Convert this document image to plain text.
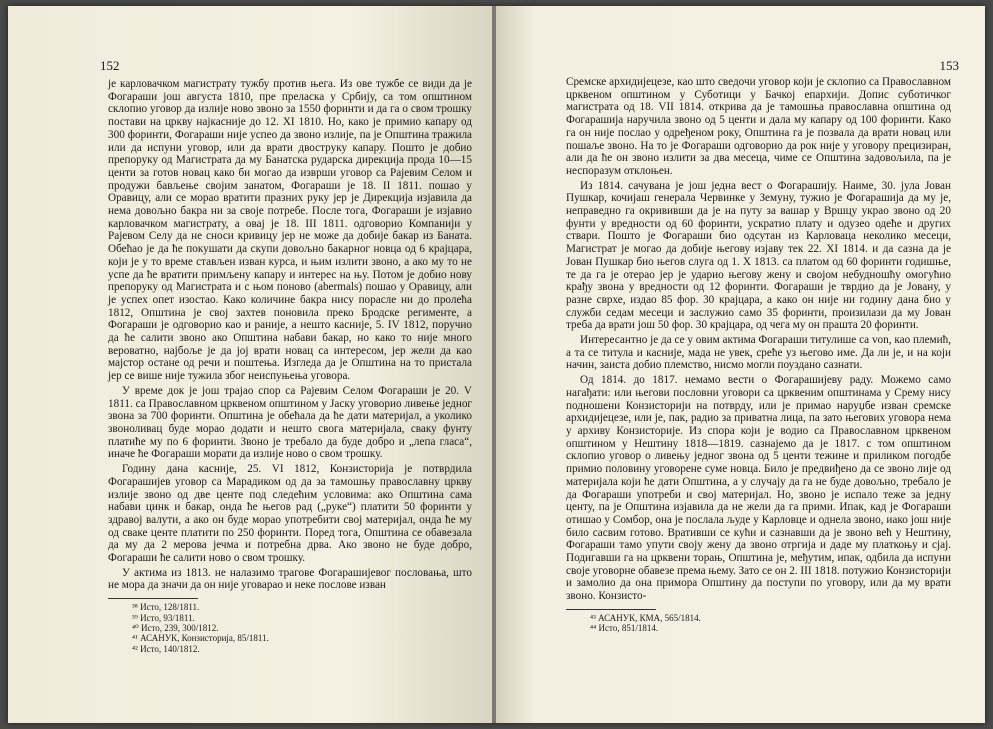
152

је карловачком магистрату тужбу против њега. Из ове тужбе се види да је Фогараши још августа 1810, пре преласка у Србију, са том општином склопио уговор да излије ново звоно за 1550 форинти и да га о свом трошку постави на цркву најкасније до 12. XI 1810. Но, како је примио капару од 300 форинти, Фогараши није успео да звоно излије, па је Општина тражила или да испуни уговор, или да врати двоструку капару. Пошто је добио препоруку од Магистрата да му Банатска рударска дирекција прода 10—15 центи за готов новац како би могао да изврши уговор са Рајевим Селом и продужи бављење својим занатом, Фогараши је 18. II 1811. пошао у Оравицу, али се морао вратити празних руку јер је Дирекција изјавила да нема довољно бакра ни за своје потребе. После тога, Фогараши је изјавио карловачком магистрату, а овај је 18. III 1811. одговорио Компанији у Рајевом Селу да не сноси кривицу јер не може да добије бакар из Баната. Обећао је да ће покушати да скупи довољно бакарног новца од 6 крајцара, који је у то време стављен изван курса, и њим излити звоно, а ако му то не успе да ће вратити примљену капару и интерес на њу. Потом је добио нову препоруку од Магистрата и с њом поново (abermals) пошао у Оравицу, али је успех опет изостао. Како количине бакра нису порасле ни до пролећа 1812, Општина је свој захтев поновила преко Бродске регименте, а Фогараши је одговорио као и раније, а нешто касније, 5. IV 1812, поручио да ће салити звоно ако Општина набави бакар, но како то није много вероватно, најбоље је да јој врати новац са интересом, јер жели да као мајстор остане од речи и поштења. Изгледа да је Општина на то пристала јер се више није тужила због неиспуњења уговора.

У време док је још трајао спор са Рајевим Селом Фогараши је 20. V 1811. са Православном црквеном општином у Јаску уговорио ливење једног звона за 700 форинти. Општина је обећала да ће дати материјал, а уколико звоноливац буде морао додати и нешто свога материјала, сваку фунту платиће му по 6 форинти. Звоно је требало да буде добро и „лепа гласа“, иначе ће Фогараши морати да излије ново о свом трошку.

Годину дана касније, 25. VI 1812, Конзисторија је потврдила Фогарашијев уговор са Марадиком од да за тамошњу православну цркву излије звоно од две центе под следећим условима: ако Општина сама набави цинк и бакар, онда ће његов рад („руке“) платити 50 форинти у здравој валути, а ако он буде морао употребити свој материјал, онда ће му од сваке центе платити по 250 форинти. Поред тога, Општина се обавезала да му да 2 мерова јечма и потребна дрва. Ако звоно не буде добро, Фогараши ће салити ново о свом трошку.

У актима из 1813. не налазимо трагове Фогарашијевог пословања, што не мора да значи да он није уговарао и неке послове изван

³⁸ Исто, 128/1811.
³⁹ Исто, 93/1811.
⁴⁰ Исто, 239, 300/1812.
⁴¹ АСАНУК, Конзисторија, 85/1811.
⁴² Исто, 140/1812.
153

Сремске архидијецезе, као што сведочи уговор који је склопио са Православном црквеном општином у Суботици у Бачкој епархији. Допис суботичког магистрата од 18. VII 1814. открива да је тамошња православна општина од Фогарашија наручила звоно од 5 центи и дала му капару од 100 форинти. Како га он није послао у одређеном року, Општина га је позвала да врати новац или пошаље звоно. На то је Фогараши одговорио да рок није у уговору прецизиран, али да ће он звоно излити за два месеца, чиме се Општина задовољила, па је неспоразум отклоњен.

Из 1814. сачувана је још једна вест о Фогарашију. Наиме, 30. јула Јован Пушкар, кочијаш генерала Червинке у Земуну, тужио је Фогарашија да му је, неправедно га окрививши да је на путу за вашар у Вршцу украо звоно од 20 фунти у вредности од 60 форинти, ускратио плату и одузео одеће и других ствари. Пошто је Фогараши био одсутан из Карловаца неколико месеци, Магистрат је могао да добије његову изјаву тек 22. XI 1814. и да сазна да је Јован Пушкар био његов слуга од 1. X 1813. са платом од 60 форинти годишње, те да га је отерао јер је ударио његову жену и својом небудношћу омогућио крађу звона у вредности од 12 форинти. Фогараши је тврдио да је Јовану, у разне сврхе, издао 85 фор. 30 крајцара, а како он није ни годину дана био у служби седам месеци и заслужио само 35 форинти, произилази да му Јован треба да врати још 50 фор. 30 крајцара, од чега му он прашта 20 форинти.

Интересантно је да се у овим актима Фогараши титулише са von, као племић, а та се титула и касније, мада не увек, среће уз његово име. Да ли је, и на који начин, заиста добио племство, нисмо могли поуздано сазнати.

Од 1814. до 1817. немамо вести о Фогарашијеву раду. Можемо само нагађати: или његови пословни уговори са црквеним општинама у Срему нису подношени Конзисторији на потврду, или је примао наруџбе изван сремске архидијецезе, или је, пак, радио за приватна лица, па зато његових уговора нема у архиву Конзисторије. Из спора који је водио са Православном црквеном општином у Нештину 1818—1819. сазнајемо да је 1817. с том општином склопио уговор о ливењу једног звона од 5 центи тежине и приликом погодбе примио половину уговорене суме новца. Било је предвиђено да се звоно лије од материјала који ће дати Општина, а у случају да га не буде довољно, требало је да Фогараши употреби и свој материјал. Но, звоно је испало теже за једну центу, па је Општина изјавила да не жели да га прими. Ипак, кад је Фогараши отишао у Сомбор, она је послала људе у Карловце и однела звоно, иако још није било сасвим готово. Вративши се кући и сазнавши да је звоно већ у Нештину, Фогараши тамо упути своју жену да звоно отргија и даде му платкоњу и сјај. Подигавши га на црквени торањ, Општина је, међутим, ипак, одбила да испуни своје уговорне обавезе према њему. Зато се он 2. III 1818. потужио Конзисторији и замолио да она примора Општину да поступи по уговору, или да му врати звоно. Конзисто-

⁴³ АСАНУК, КМА, 565/1814.
⁴⁴ Исто, 851/1814.
